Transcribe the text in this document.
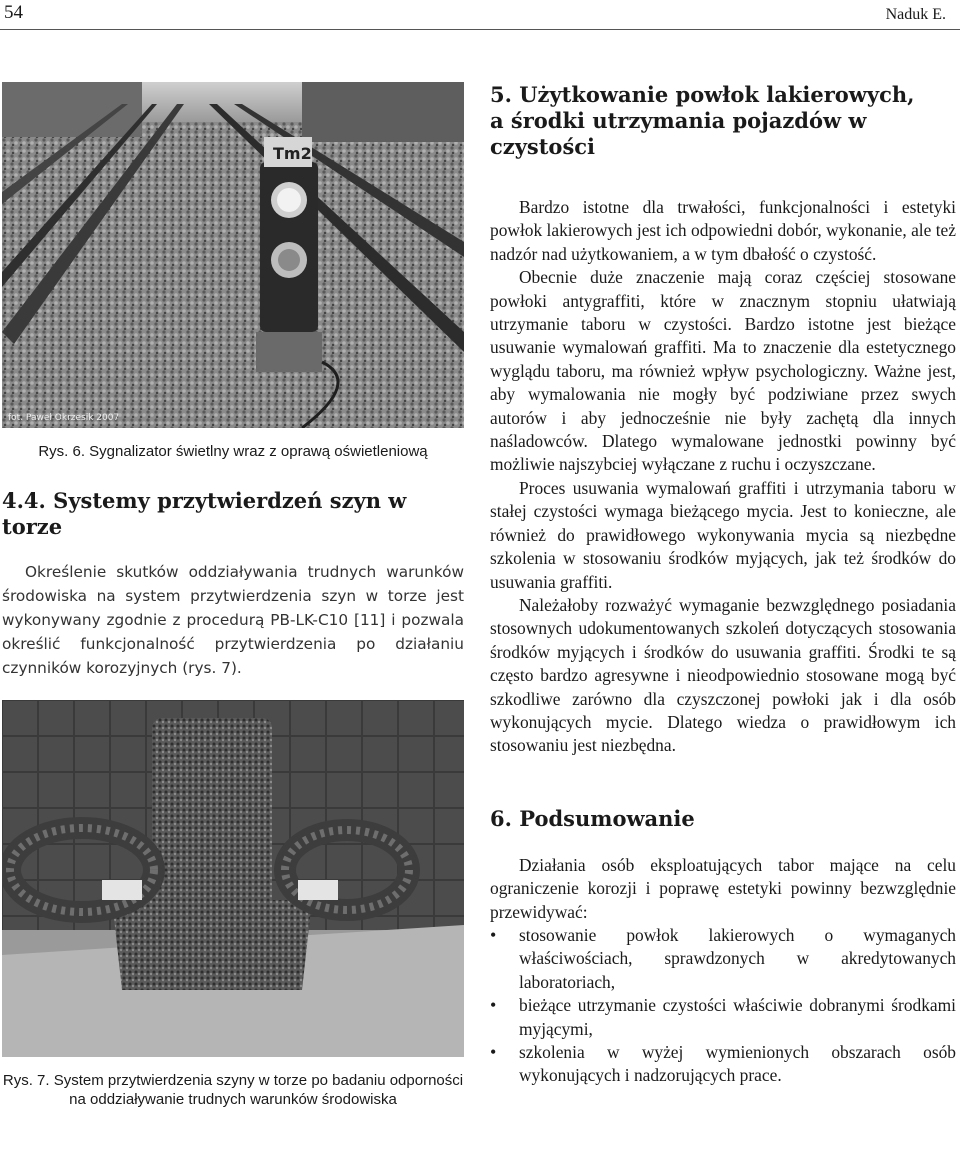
54	Naduk E.
Tm2
fot. Paweł Okrzesik 2007
Rys. 6. Sygnalizator świetlny wraz z oprawą oświetleniową
4.4. Systemy przytwierdzeń szyn w torze

Określenie skutków oddziaływania trudnych warunków środowiska na system przytwierdzenia szyn w torze jest wykonywany zgodnie z procedurą PB-LK-C10 [11] i pozwala określić funkcjonalność przytwierdzenia po działaniu czynników korozyjnych (rys. 7).

Rys. 7. System przytwierdzenia szyny w torze po badaniu odporności na oddziaływanie trudnych warunków środowiska
5. Użytkowanie powłok lakierowych, a środki utrzymania pojazdów w czystości

Bardzo istotne dla trwałości, funkcjonalności i estetyki powłok lakierowych jest ich odpowiedni dobór, wykonanie, ale też nadzór nad użytkowaniem, a w tym dbałość o czystość.

Obecnie duże znaczenie mają coraz częściej stosowane powłoki antygraffiti, które w znacznym stopniu ułatwiają utrzymanie taboru w czystości. Bardzo istotne jest bieżące usuwanie wymalowań graffiti. Ma to znaczenie dla estetycznego wyglądu taboru, ma również wpływ psychologiczny. Ważne jest, aby wymalowania nie mogły być podziwiane przez swych autorów i aby jednocześnie nie były zachętą dla innych naśladowców. Dlatego wymalowane jednostki powinny być możliwie najszybciej wyłączane z ruchu i oczyszczane.

Proces usuwania wymalowań graffiti i utrzymania taboru w stałej czystości wymaga bieżącego mycia. Jest to konieczne, ale również do prawidłowego wykonywania mycia są niezbędne szkolenia w stosowaniu środków myjących, jak też środków do usuwania graffiti.

Należałoby rozważyć wymaganie bezwzględnego posiadania stosownych udokumentowanych szkoleń dotyczących stosowania środków myjących i środków do usuwania graffiti. Środki te są często bardzo agresywne i nieodpowiednio stosowane mogą być szkodliwe zarówno dla czyszczonej powłoki jak i dla osób wykonujących mycie. Dlatego wiedza o prawidłowym ich stosowaniu jest niezbędna.

6. Podsumowanie

Działania osób eksploatujących tabor mające na celu ograniczenie korozji i poprawę estetyki powinny bezwzględnie przewidywać:

• stosowanie powłok lakierowych o wymaganych właściwościach, sprawdzonych w akredytowanych laboratoriach,
• bieżące utrzymanie czystości właściwie dobranymi środkami myjącymi,
• szkolenia w wyżej wymienionych obszarach osób wykonujących i nadzorujących prace.
